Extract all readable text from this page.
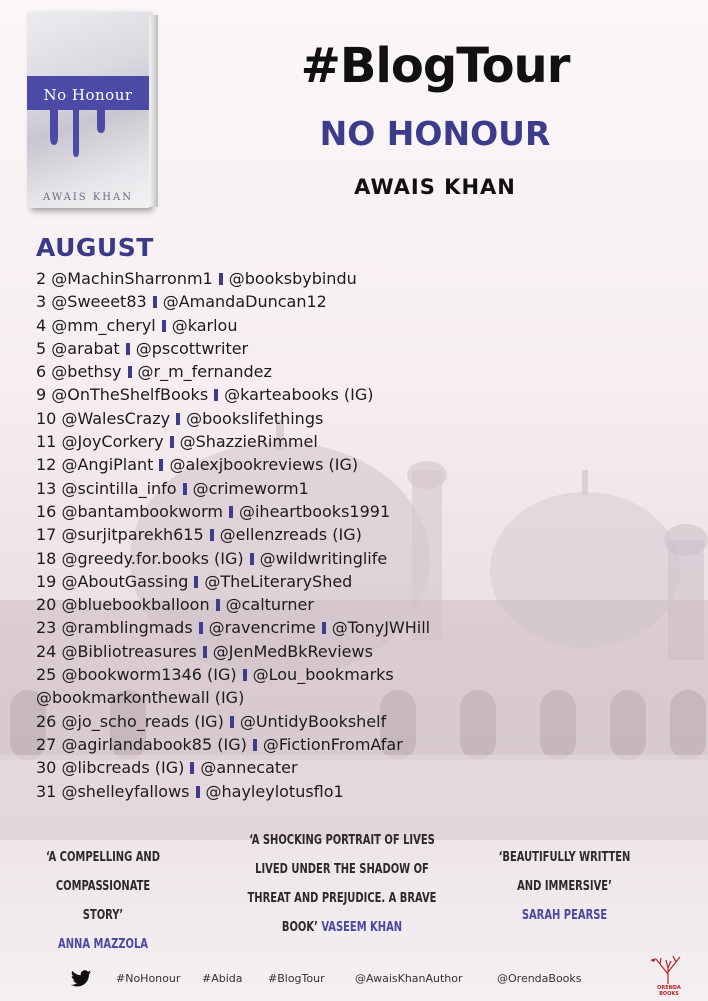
No Honour
AWAIS KHAN
#BlogTour
NO HONOUR
AWAIS KHAN
AUGUST
2 @MachinSharronm1 @booksbybindu
3 @Sweeet83 @AmandaDuncan12
4 @mm_cheryl @karlou
5 @arabat @pscottwriter
6 @bethsy @r_m_fernandez
9 @OnTheShelfBooks @karteabooks (IG)
10 @WalesCrazy @bookslifethings
11 @JoyCorkery @ShazzieRimmel
12 @AngiPlant @alexjbookreviews (IG)
13 @scintilla_info @crimeworm1
16 @bantambookworm @iheartbooks1991
17 @surjitparekh615 @ellenzreads (IG)
18 @greedy.for.books (IG) @wildwritinglife
19 @AboutGassing @TheLiteraryShed
20 @bluebookballoon @calturner
23 @ramblingmads @ravencrime @TonyJWHill
24 @Bibliotreasures @JenMedBkReviews
25 @bookworm1346 (IG) @Lou_bookmarks
@bookmarkonthewall (IG)
26 @jo_scho_reads (IG) @UntidyBookshelf
27 @agirlandabook85 (IG) @FictionFromAfar
30 @libcreads (IG) @annecater
31 @shelleyfallows @hayleylotusflo1
‘A COMPELLING AND
COMPASSIONATE STORY’
ANNA MAZZOLA
‘A SHOCKING PORTRAIT OF LIVES
LIVED UNDER THE SHADOW OF
THREAT AND PREJUDICE. A BRAVE
BOOK’ VASEEM KHAN
‘BEAUTIFULLY WRITTEN
AND IMMERSIVE’
SARAH PEARSE
#NoHonour #Abida #BlogTour	@AwaisKhanAuthor	@OrendaBooks
ORENDA BOOKS
